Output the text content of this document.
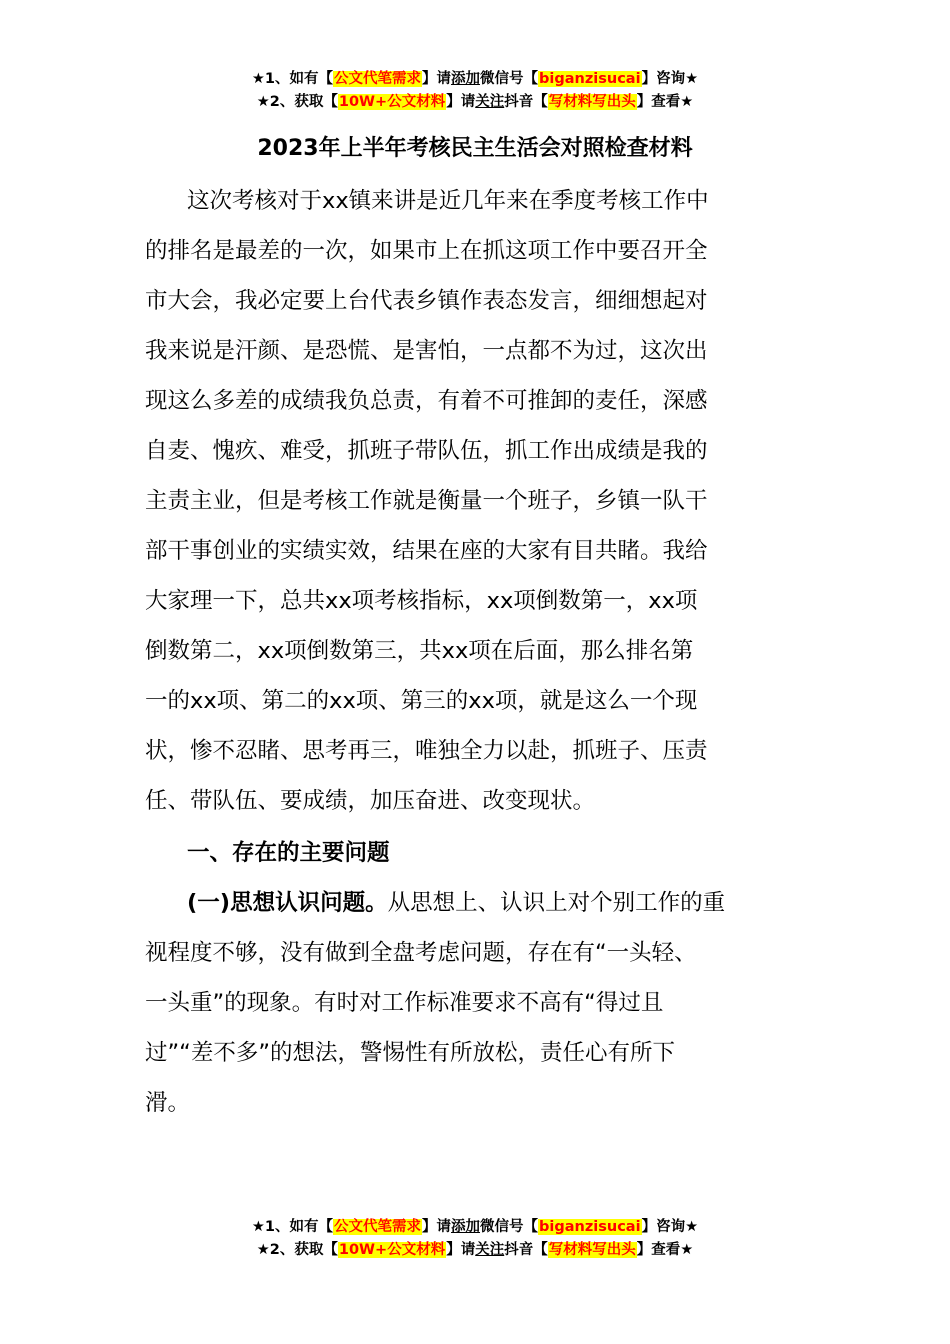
★1、如有【公文代笔需求】请添加微信号【biganzisucai】咨询★
★2、获取【10W+公文材料】请关注抖音【写材料写出头】查看★
2023年上半年考核民主生活会对照检查材料
这次考核对于xx镇来讲是近几年来在季度考核工作中
的排名是最差的一次，如果市上在抓这项工作中要召开全
市大会，我必定要上台代表乡镇作表态发言，细细想起对
我来说是汗颜、是恐慌、是害怕，一点都不为过，这次出
现这么多差的成绩我负总责，有着不可推卸的麦任，深感
自麦、愧疚、难受，抓班子带队伍，抓工作出成绩是我的
主责主业，但是考核工作就是衡量一个班子，乡镇一队干
部干事创业的实绩实效，结果在座的大家有目共睹。我给
大家理一下，总共xx项考核指标，xx项倒数第一，xx项
倒数第二，xx项倒数第三，共xx项在后面，那么排名第
一的xx项、第二的xx项、第三的xx项，就是这么一个现
状，惨不忍睹、思考再三，唯独全力以赴，抓班子、压责
任、带队伍、要成绩，加压奋进、改变现状。
一、存在的主要问题
(一)思想认识问题。从思想上、认识上对个别工作的重
视程度不够，没有做到全盘考虑问题，存在有“一头轻、
一头重”的现象。有时对工作标准要求不高有“得过且
过”“差不多”的想法，警惕性有所放松，责任心有所下
滑。
★1、如有【公文代笔需求】请添加微信号【biganzisucai】咨询★
★2、获取【10W+公文材料】请关注抖音【写材料写出头】查看★
